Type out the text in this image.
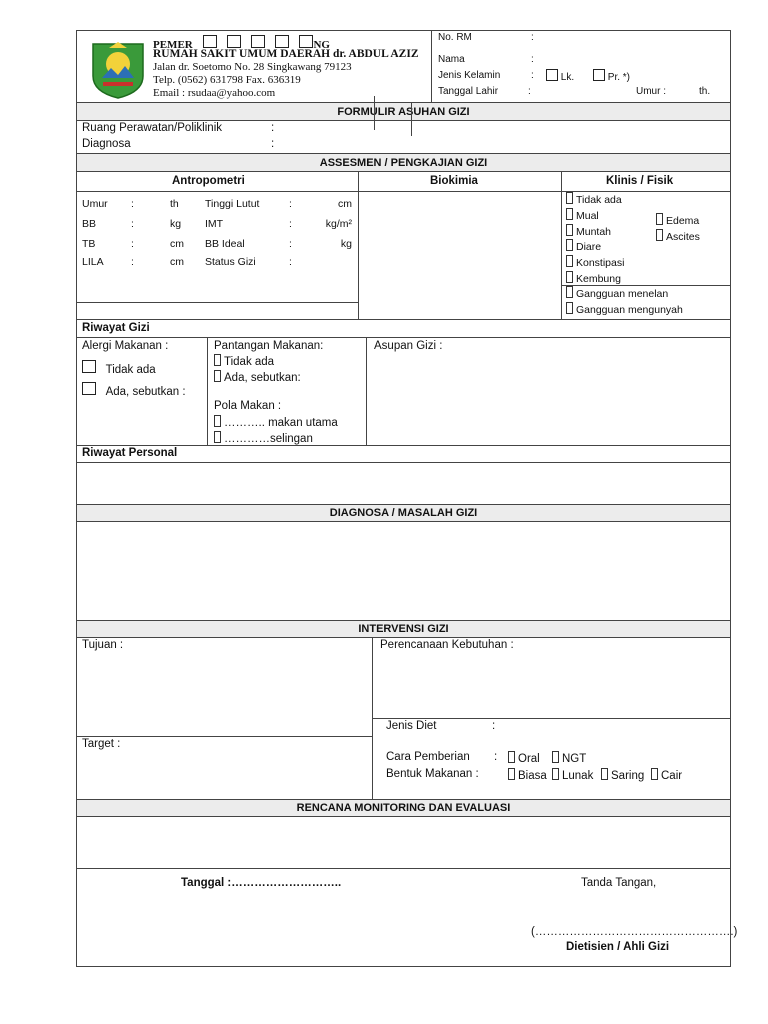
PEMER	NG
RUMAH SAKIT UMUM DAERAH dr. ABDUL AZIZ
Jalan dr. Soetomo No. 28 Singkawang 79123
Telp. (0562) 631798 Fax. 636319
Email : rsudaa@yahoo.com
No. RM	:
Nama	:
Jenis Kelamin	:	Lk.	Pr. *)
Tanggal Lahir	:	Umur :	th.
FORMULIR ASUHAN GIZI
Ruang Perawatan/Poliklinik	:
Diagnosa	:
ASSESMEN / PENGKAJIAN GIZI
Antropometri	Biokimia	Klinis / Fisik
Umur :	th Tinggi Lutut	:	cm
BB	:	kg IMT	:	kg/m²
TB	:	cm BB Ideal	:	kg
LILA	:	cm Status Gizi	:
Tidak ada
Mual
Muntah
Diare
Konstipasi
Kembung
Edema
Ascites
Gangguan menelan
Gangguan mengunyah
Riwayat Gizi
Alergi Makanan :
Tidak ada
Ada, sebutkan :
Pantangan Makanan:
Tidak ada
Ada, sebutkan:
Pola Makan :
……….. makan utama
…………selingan
Asupan Gizi :
Riwayat Personal
DIAGNOSA / MASALAH GIZI
INTERVENSI GIZI
Tujuan :
Target :
Perencanaan Kebutuhan :
Jenis Diet	:
Cara Pemberian :	Oral	NGT
Bentuk Makanan :	Biasa	Lunak	Saring	Cair
RENCANA MONITORING DAN EVALUASI
Tanggal :………………………..	Tanda Tangan,
(…………………………………………….)
Dietisien / Ahli Gizi
